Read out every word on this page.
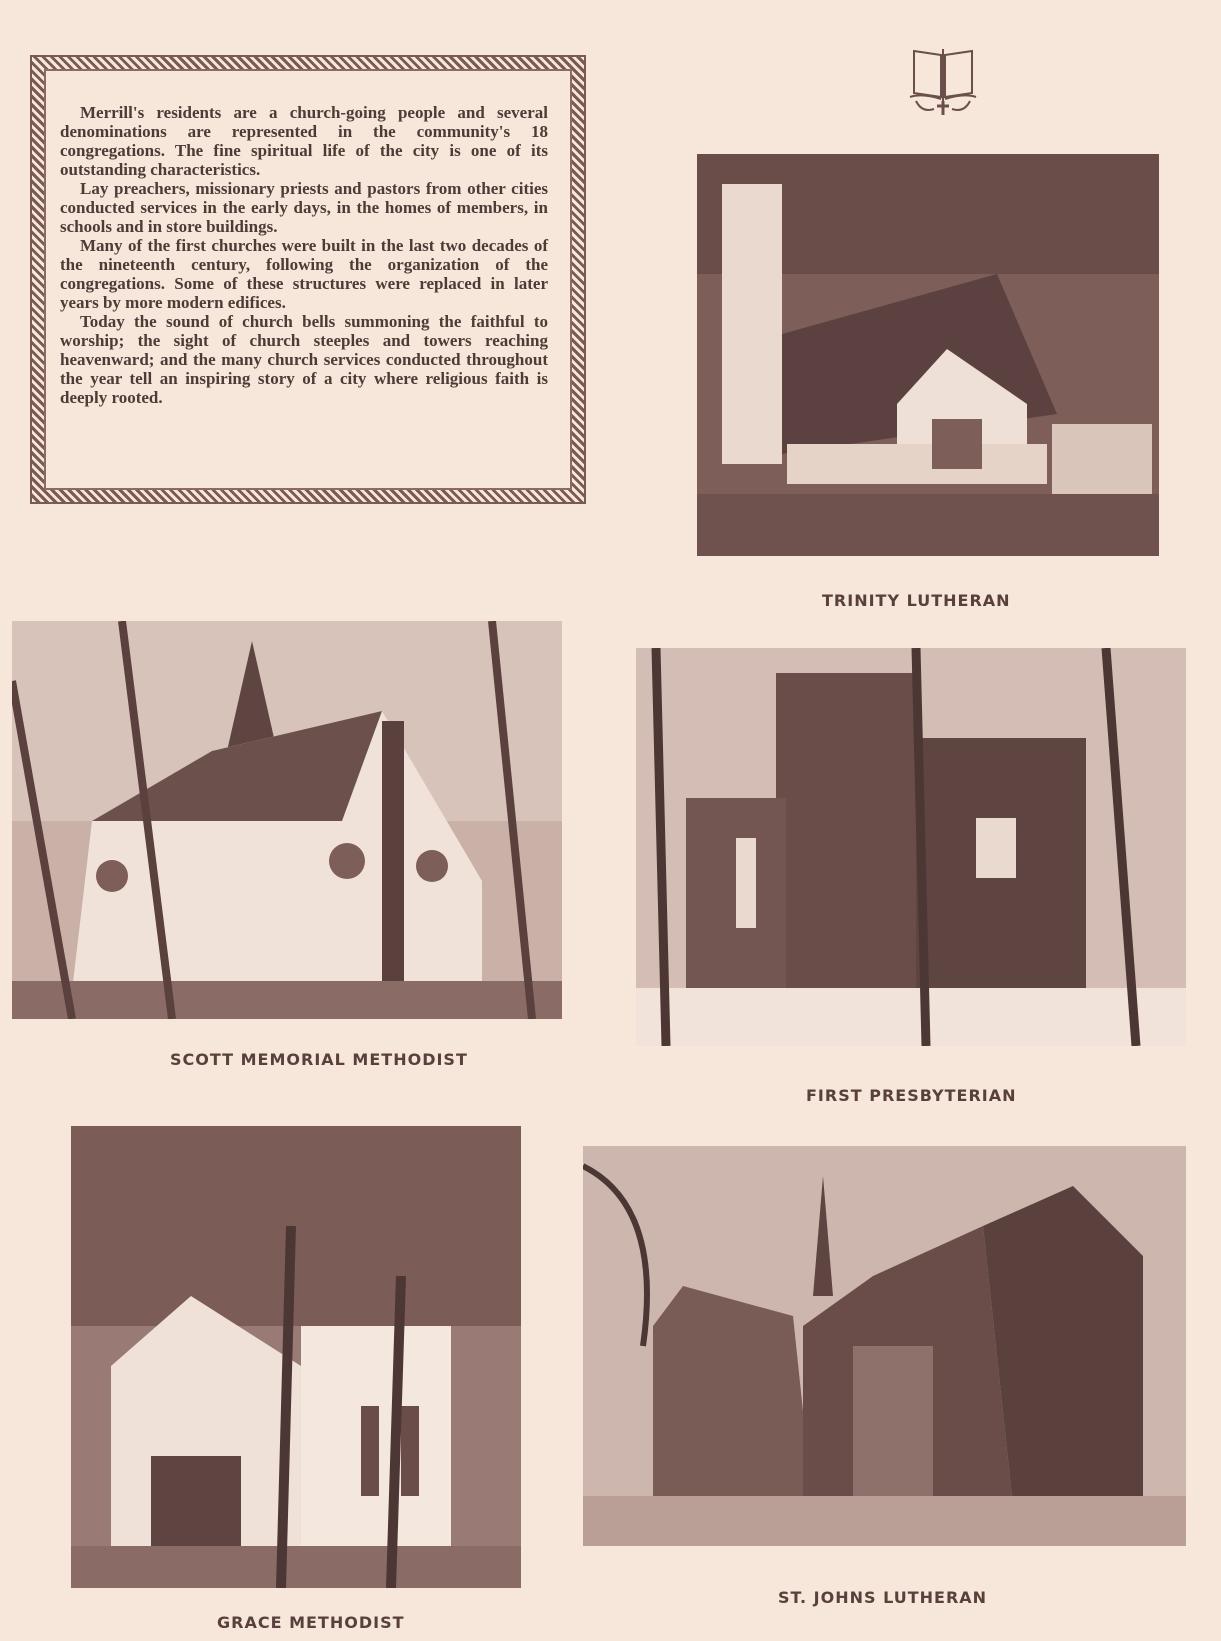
Merrill's residents are a church-going people and several denominations are represented in the community's 18 congregations. The fine spiritual life of the city is one of its outstanding characteristics.

Lay preachers, missionary priests and pastors from other cities conducted services in the early days, in the homes of members, in schools and in store buildings.

Many of the first churches were built in the last two decades of the nineteenth century, following the organization of the congregations. Some of these structures were replaced in later years by more modern edifices.

Today the sound of church bells summoning the faithful to worship; the sight of church steeples and towers reaching heavenward; and the many church services conducted throughout the year tell an inspiring story of a city where religious faith is deeply rooted.

TRINITY LUTHERAN

SCOTT MEMORIAL METHODIST

FIRST PRESBYTERIAN

GRACE METHODIST

ST. JOHNS LUTHERAN
